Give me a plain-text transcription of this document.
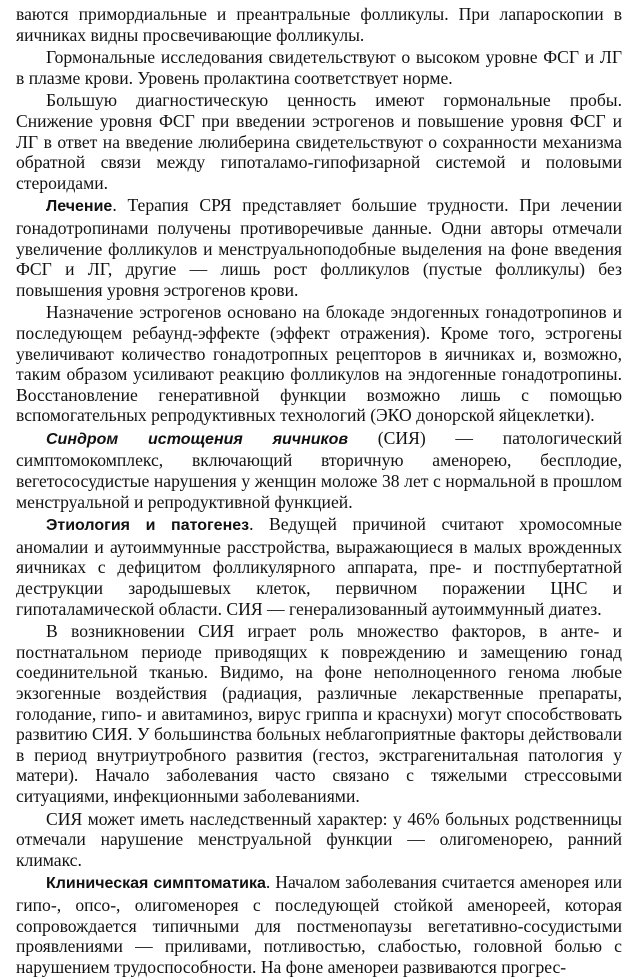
ваются примордиальные и преантральные фолликулы. При лапароскопии в яичниках видны просвечивающие фолликулы.

Гормональные исследования свидетельствуют о высоком уровне ФСГ и ЛГ в плазме крови. Уровень пролактина соответствует норме.

Большую диагностическую ценность имеют гормональные пробы. Снижение уровня ФСГ при введении эстрогенов и повышение уровня ФСГ и ЛГ в ответ на введение люлиберина свидетельствуют о сохранности механизма обратной связи между гипоталамо-гипофизарной системой и половыми стероидами.

Лечение. Терапия СРЯ представляет большие трудности. При лечении гонадотропинами получены противоречивые данные. Одни авторы отмечали увеличение фолликулов и менструальноподобные выделения на фоне введения ФСГ и ЛГ, другие — лишь рост фолликулов (пустые фолликулы) без повышения уровня эстрогенов крови.

Назначение эстрогенов основано на блокаде эндогенных гонадотропинов и последующем ребаунд-эффекте (эффект отражения). Кроме того, эстрогены увеличивают количество гонадотропных рецепторов в яичниках и, возможно, таким образом усиливают реакцию фолликулов на эндогенные гонадотропины. Восстановление генеративной функции возможно лишь с помощью вспомогательных репродуктивных технологий (ЭКО донорской яйцеклетки).

Синдром истощения яичников (СИЯ) — патологический симптомокомплекс, включающий вторичную аменорею, бесплодие, вегетососудистые нарушения у женщин моложе 38 лет с нормальной в прошлом менструальной и репродуктивной функцией.

Этиология и патогенез. Ведущей причиной считают хромосомные аномалии и аутоиммунные расстройства, выражающиеся в малых врожденных яичниках с дефицитом фолликулярного аппарата, пре- и постпубертатной деструкции зародышевых клеток, первичном поражении ЦНС и гипоталамической области. СИЯ — генерализованный аутоиммунный диатез.

В возникновении СИЯ играет роль множество факторов, в анте- и постнатальном периоде приводящих к повреждению и замещению гонад соединительной тканью. Видимо, на фоне неполноценного генома любые экзогенные воздействия (радиация, различные лекарственные препараты, голодание, гипо- и авитаминоз, вирус гриппа и краснухи) могут способствовать развитию СИЯ. У большинства больных неблагоприятные факторы действовали в период внутриутробного развития (гестоз, экстрагенитальная патология у матери). Начало заболевания часто связано с тяжелыми стрессовыми ситуациями, инфекционными заболеваниями.

СИЯ может иметь наследственный характер: у 46% больных родственницы отмечали нарушение менструальной функции — олигоменорею, ранний климакс.

Клиническая симптоматика. Началом заболевания считается аменорея или гипо-, опсо-, олигоменорея с последующей стойкой аменореей, которая сопровождается типичными для постменопаузы вегетативно-сосудистыми проявлениями — приливами, потливостью, слабостью, головной болью с нарушением трудоспособности. На фоне аменореи развиваются прогрес-
